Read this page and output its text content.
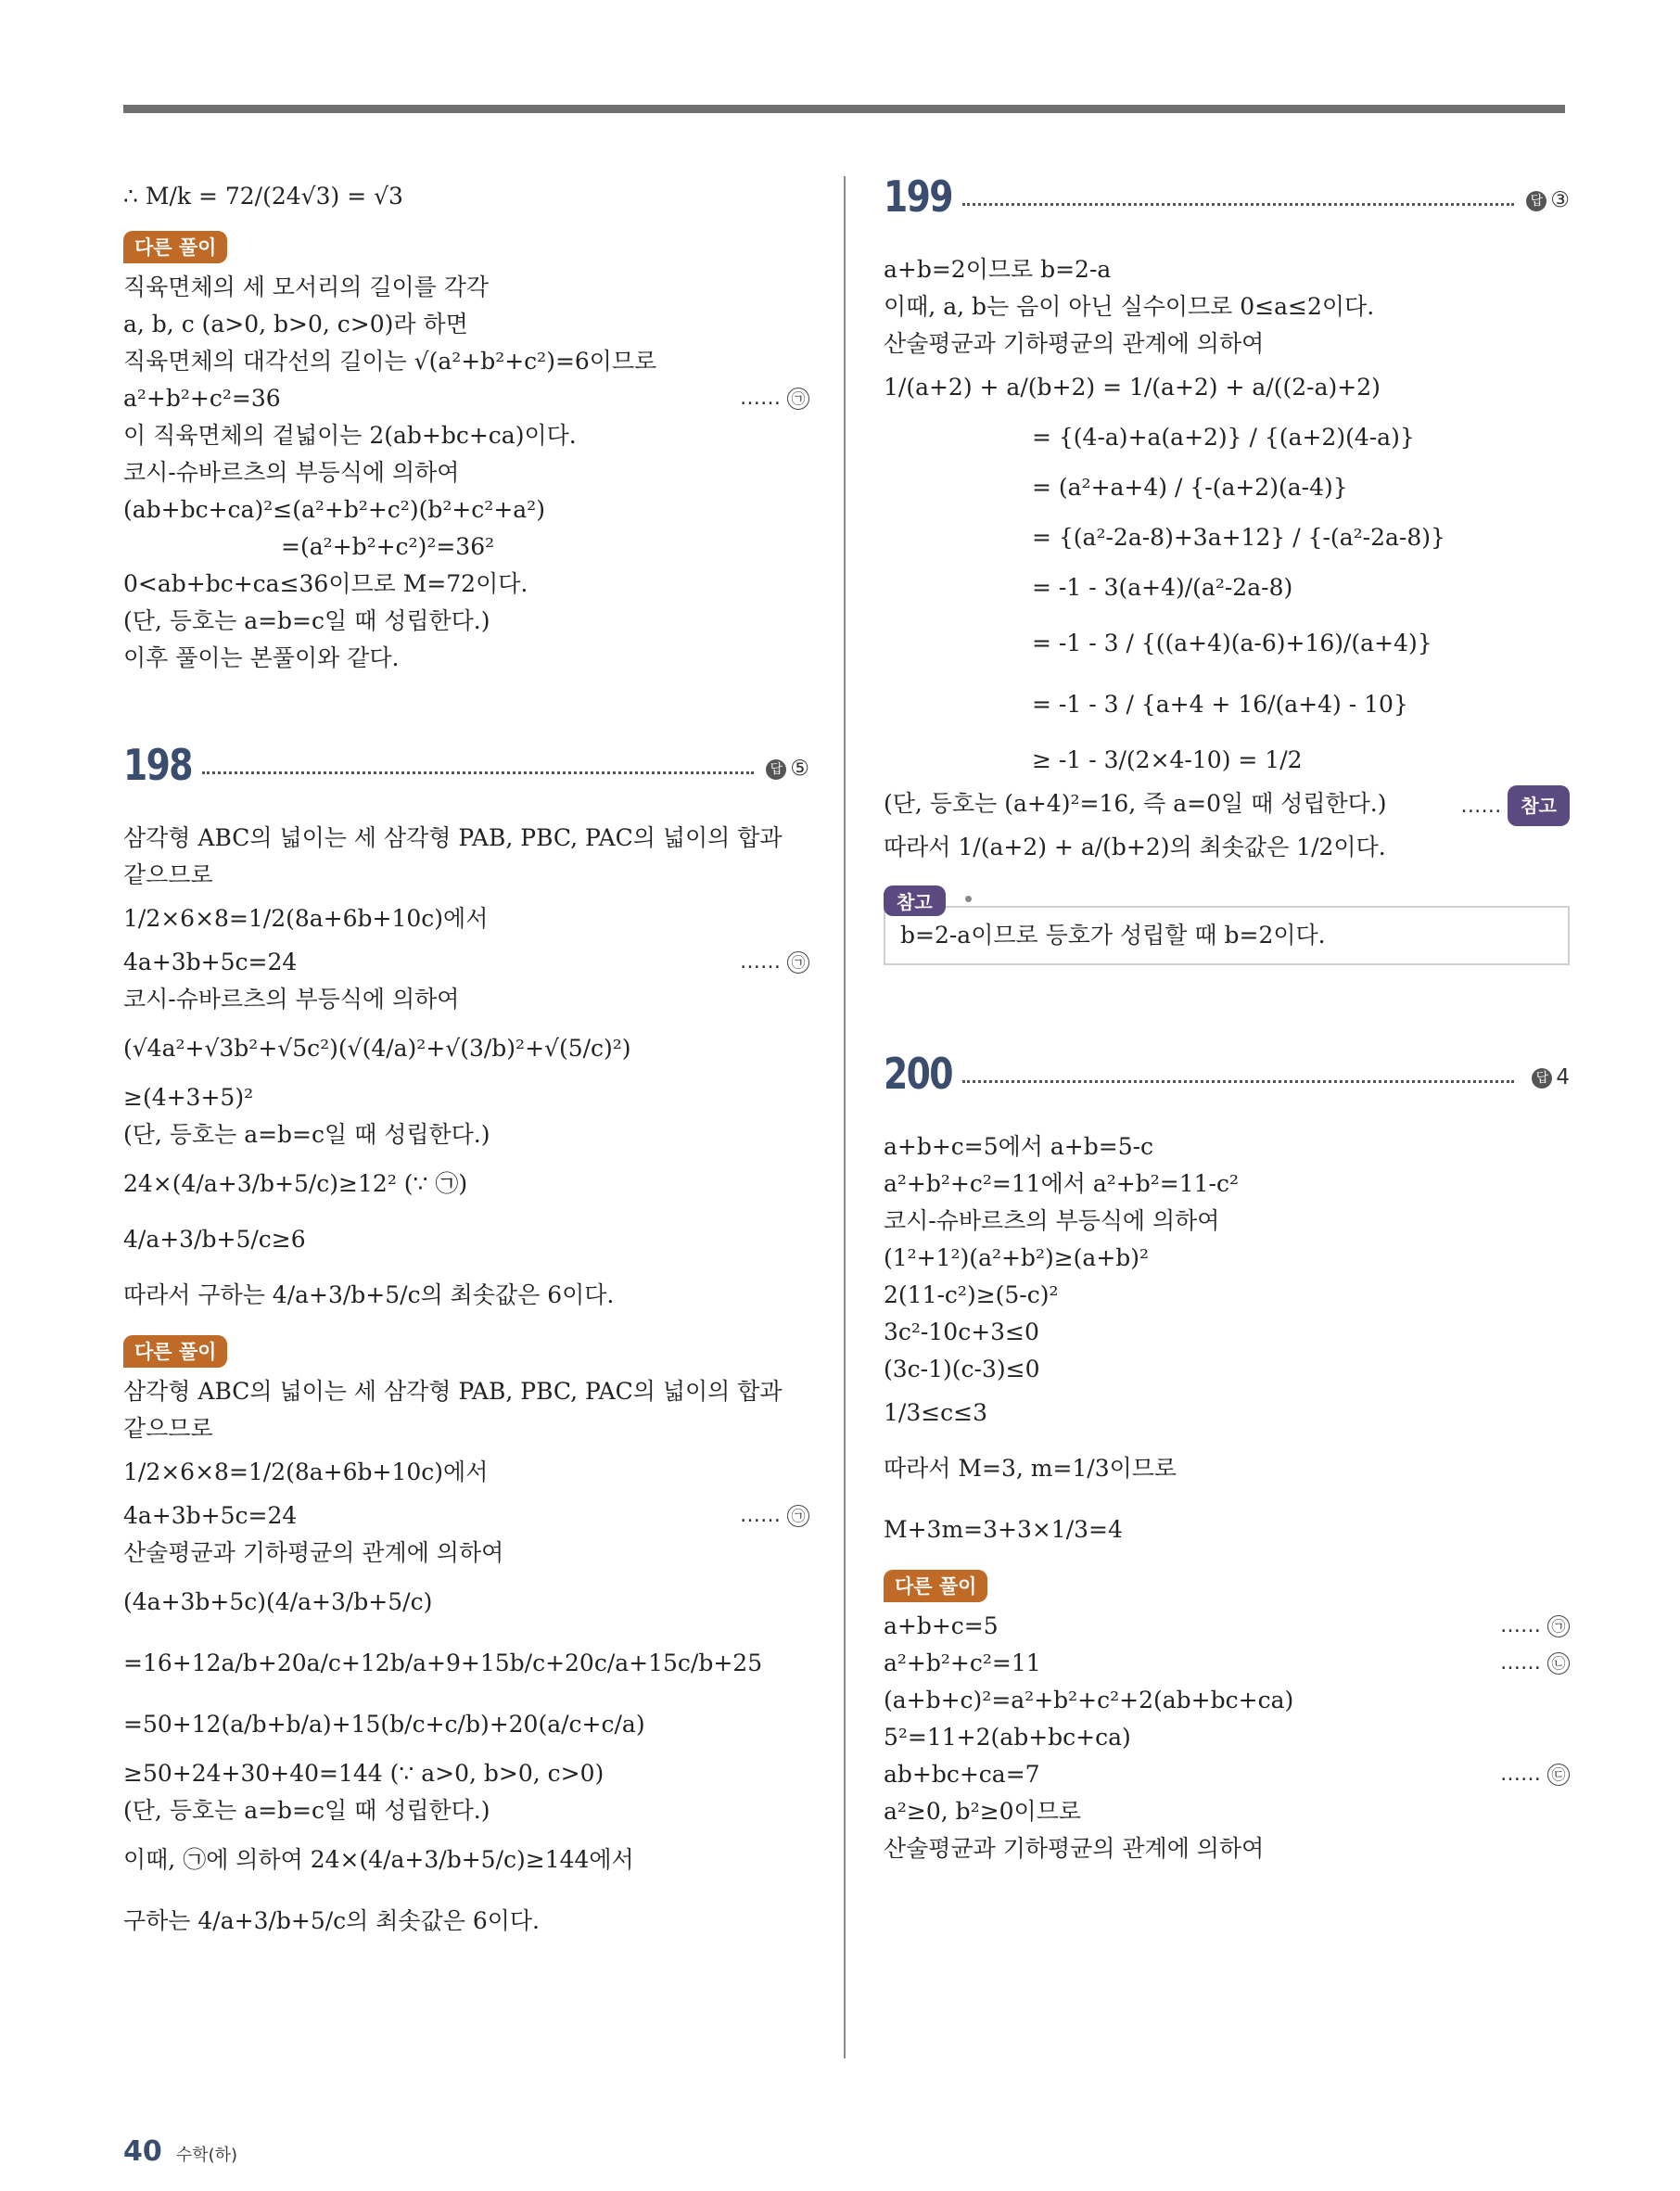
∴ M/k = 72/(24√3) = √3
다른 풀이
직육면체의 세 모서리의 길이를 각각
a, b, c (a>0, b>0, c>0)라 하면
직육면체의 대각선의 길이는 √(a²+b²+c²)=6이므로
a²+b²+c²=36	…… ㉠
이 직육면체의 겉넓이는 2(ab+bc+ca)이다.
코시-슈바르츠의 부등식에 의하여
(ab+bc+ca)²≤(a²+b²+c²)(b²+c²+a²)
=(a²+b²+c²)²=36²
0<ab+bc+ca≤36이므로 M=72이다.
(단, 등호는 a=b=c일 때 성립한다.)
이후 풀이는 본풀이와 같다.
198	답 ⑤
삼각형 ABC의 넓이는 세 삼각형 PAB, PBC, PAC의 넓이의 합과
같으므로
1/2×6×8=1/2(8a+6b+10c)에서
4a+3b+5c=24	…… ㉠
코시-슈바르츠의 부등식에 의하여
(√4a²+√3b²+√5c²)(√(4/a)²+√(3/b)²+√(5/c)²)
≥(4+3+5)²
(단, 등호는 a=b=c일 때 성립한다.)
24×(4/a+3/b+5/c)≥12² (∵ ㉠)
4/a+3/b+5/c≥6
따라서 구하는 4/a+3/b+5/c의 최솟값은 6이다.
다른 풀이
삼각형 ABC의 넓이는 세 삼각형 PAB, PBC, PAC의 넓이의 합과
같으므로
1/2×6×8=1/2(8a+6b+10c)에서
4a+3b+5c=24	…… ㉠
산술평균과 기하평균의 관계에 의하여
(4a+3b+5c)(4/a+3/b+5/c)
=16+12a/b+20a/c+12b/a+9+15b/c+20c/a+15c/b+25
=50+12(a/b+b/a)+15(b/c+c/b)+20(a/c+c/a)
≥50+24+30+40=144 (∵ a>0, b>0, c>0)
(단, 등호는 a=b=c일 때 성립한다.)
이때, ㉠에 의하여 24×(4/a+3/b+5/c)≥144에서
구하는 4/a+3/b+5/c의 최솟값은 6이다.
199	답 ③
a+b=2이므로 b=2-a
이때, a, b는 음이 아닌 실수이므로 0≤a≤2이다.
산술평균과 기하평균의 관계에 의하여
1/(a+2) + a/(b+2) = 1/(a+2) + a/((2-a)+2)
= {(4-a)+a(a+2)} / {(a+2)(4-a)}
= (a²+a+4) / {-(a+2)(a-4)}
= {(a²-2a-8)+3a+12} / {-(a²-2a-8)}
= -1 - 3(a+4)/(a²-2a-8)
= -1 - 3 / {((a+4)(a-6)+16)/(a+4)}
= -1 - 3 / {a+4 + 16/(a+4) - 10}
≥ -1 - 3/(2×4-10) = 1/2
(단, 등호는 (a+4)²=16, 즉 a=0일 때 성립한다.)	…… 참고
따라서 1/(a+2) + a/(b+2)의 최솟값은 1/2이다.
참고
b=2-a이므로 등호가 성립할 때 b=2이다.
200	답 4
a+b+c=5에서 a+b=5-c
a²+b²+c²=11에서 a²+b²=11-c²
코시-슈바르츠의 부등식에 의하여
(1²+1²)(a²+b²)≥(a+b)²
2(11-c²)≥(5-c)²
3c²-10c+3≤0
(3c-1)(c-3)≤0
1/3≤c≤3
따라서 M=3, m=1/3이므로
M+3m=3+3×1/3=4
다른 풀이
a+b+c=5	…… ㉠
a²+b²+c²=11	…… ㉡
(a+b+c)²=a²+b²+c²+2(ab+bc+ca)
5²=11+2(ab+bc+ca)
ab+bc+ca=7	…… ㉢
a²≥0, b²≥0이므로
산술평균과 기하평균의 관계에 의하여
40 수학(하)
